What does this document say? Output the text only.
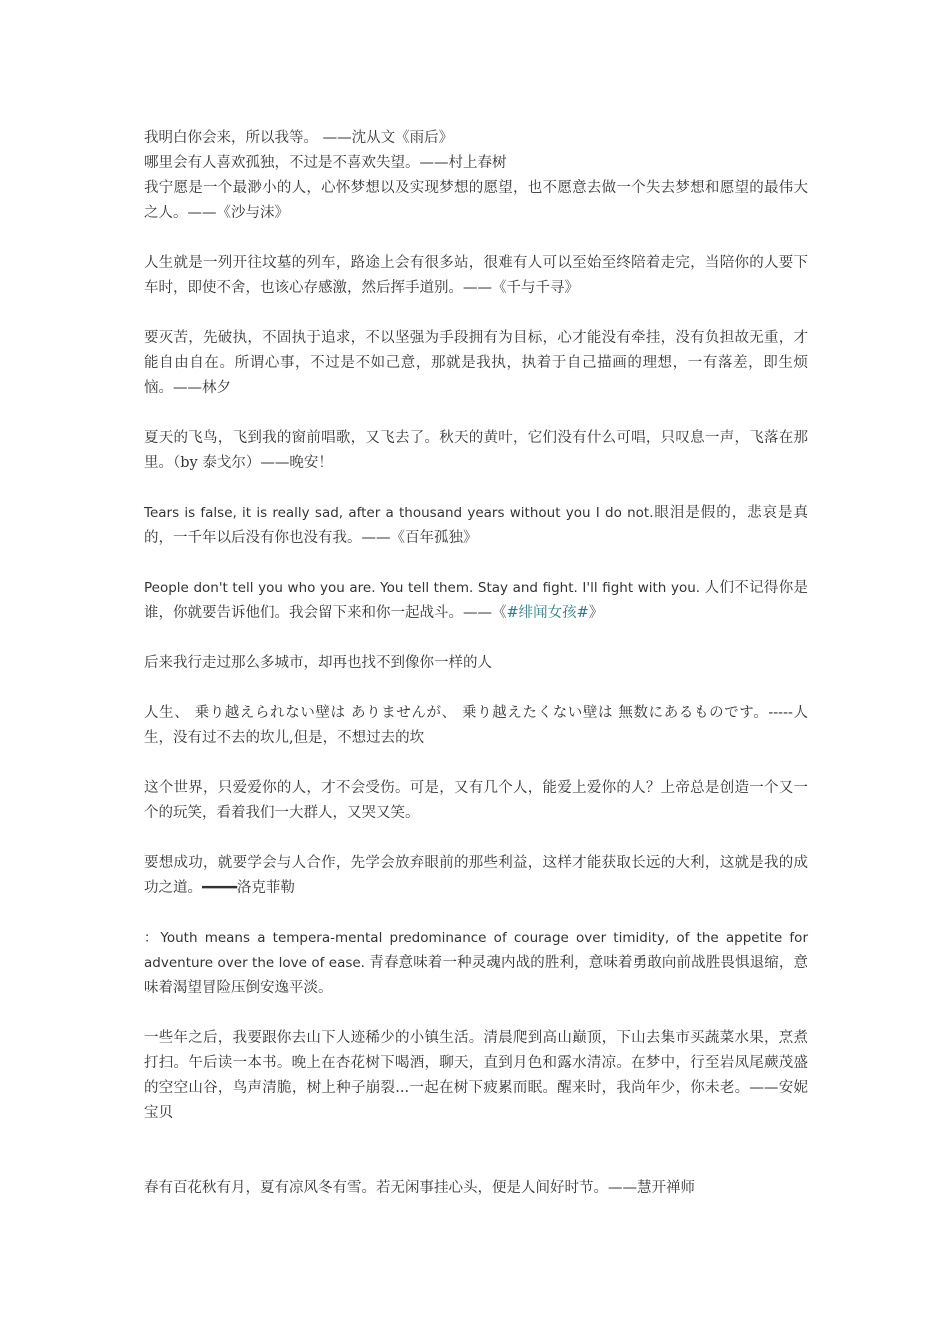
我明白你会来，所以我等。 ——沈从文《雨后》

哪里会有人喜欢孤独，不过是不喜欢失望。——村上春树

我宁愿是一个最渺小的人，心怀梦想以及实现梦想的愿望，也不愿意去做一个失去梦想和愿望的最伟大之人。——《沙与沫》

人生就是一列开往坟墓的列车，路途上会有很多站，很难有人可以至始至终陪着走完，当陪你的人要下车时，即使不舍，也该心存感激，然后挥手道别。——《千与千寻》

要灭苦，先破执，不固执于追求，不以坚强为手段拥有为目标，心才能没有牵挂，没有负担故无重，才能自由自在。所谓心事，不过是不如己意，那就是我执，执着于自己描画的理想，一有落差，即生烦恼。——林夕

夏天的飞鸟，飞到我的窗前唱歌，又飞去了。秋天的黄叶，它们没有什么可唱，只叹息一声，飞落在那里。（by 泰戈尔）——晚安！

Tears is false, it is really sad, after a thousand years without you I do not.眼泪是假的，悲哀是真的，一千年以后没有你也没有我。——《百年孤独》

People don't tell you who you are. You tell them. Stay and fight. I'll fight with you. 人们不记得你是谁，你就要告诉他们。我会留下来和你一起战斗。——《#绯闻女孩#》

后来我行走过那么多城市，却再也找不到像你一样的人

人生、 乗り越えられない壁は ありませんが、 乗り越えたくない壁は 無数にあるものです。-----人生，没有过不去的坎儿,但是，不想过去的坎

这个世界，只爱爱你的人，才不会受伤。可是，又有几个人，能爱上爱你的人？上帝总是创造一个又一个的玩笑，看着我们一大群人，又哭又笑。

要想成功，就要学会与人合作，先学会放弃眼前的那些利益，这样才能获取长远的大利，这就是我的成功之道。━━━━洛克菲勒

：Youth means a tempera-mental predominance of courage over timidity, of the appetite for adventure over the love of ease. 青春意味着一种灵魂内战的胜利，意味着勇敢向前战胜畏惧退缩，意味着渴望冒险压倒安逸平淡。

一些年之后，我要跟你去山下人迹稀少的小镇生活。清晨爬到高山巅顶，下山去集市买蔬菜水果，烹煮打扫。午后读一本书。晚上在杏花树下喝酒，聊天，直到月色和露水清凉。在梦中，行至岩凤尾蕨茂盛的空空山谷，鸟声清脆，树上种子崩裂...一起在树下疲累而眠。醒来时，我尚年少，你未老。——安妮宝贝

春有百花秋有月，夏有凉风冬有雪。若无闲事挂心头，便是人间好时节。——慧开禅师
